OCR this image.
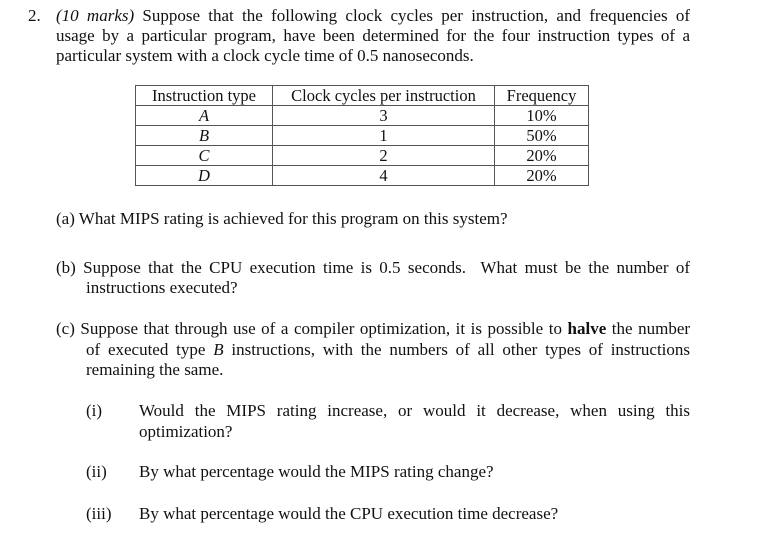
2. (10 marks) Suppose that the following clock cycles per instruction, and frequencies of
usage by a particular program, have been determined for the four instruction types of a
particular system with a clock cycle time of 0.5 nanoseconds.
Instruction type	Clock cycles per instruction	Frequency
A	3	10%
B	1	50%
C	2	20%
D	4	20%
(a) What MIPS rating is achieved for this program on this system?
(b) Suppose that the CPU execution time is 0.5 seconds.  What must be the number of
instructions executed?
(c) Suppose that through use of a compiler optimization, it is possible to halve the number
of executed type B instructions, with the numbers of all other types of instructions
remaining the same.
(i) Would the MIPS rating increase, or would it decrease, when using this
optimization?
(ii) By what percentage would the MIPS rating change?
(iii) By what percentage would the CPU execution time decrease?
